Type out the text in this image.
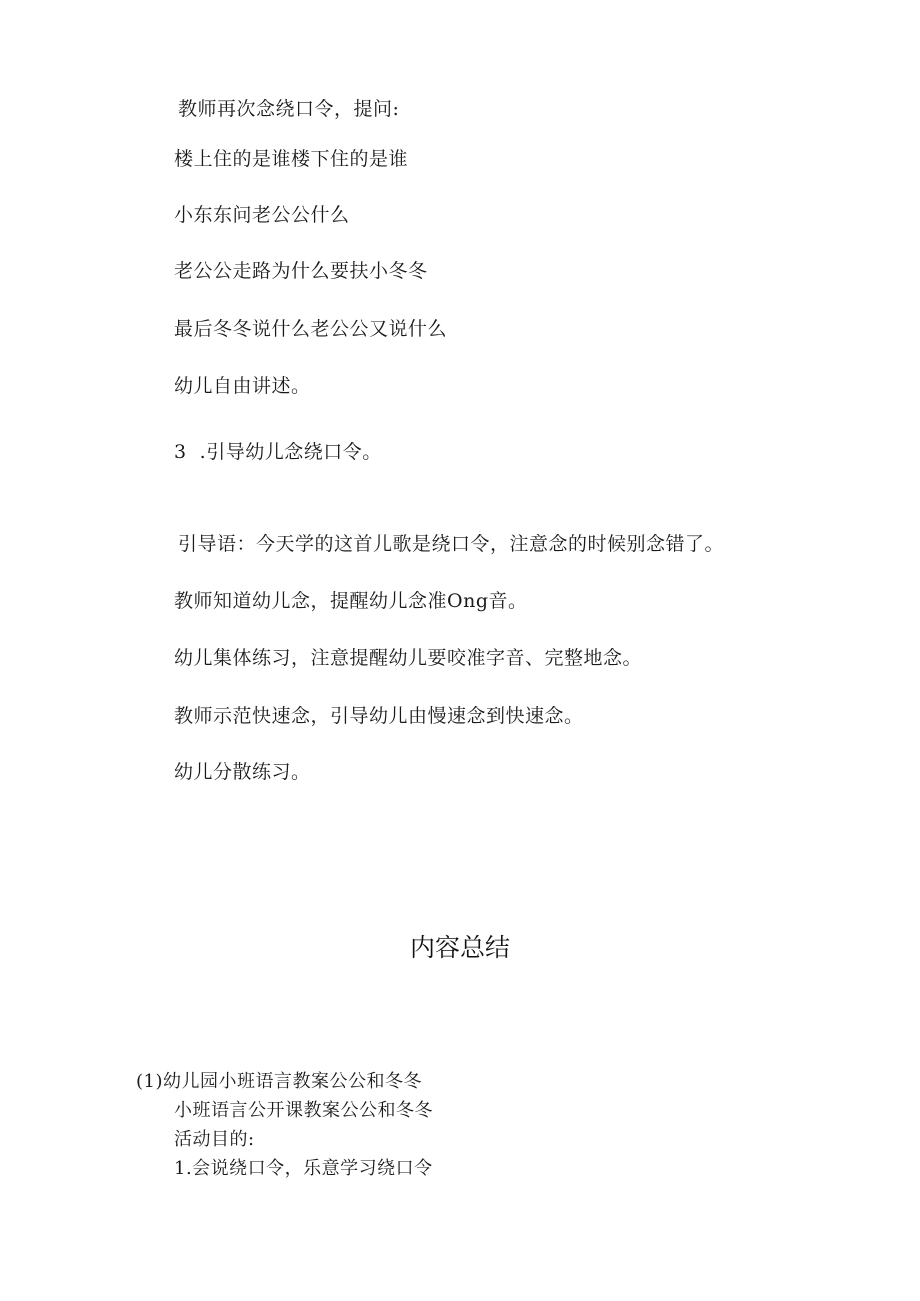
教师再次念绕口令，提问:
楼上住的是谁楼下住的是谁
小东东问老公公什么
老公公走路为什么要扶小冬冬
最后冬冬说什么老公公又说什么
幼儿自由讲述。
3  .引导幼儿念绕口令。
引导语：今天学的这首儿歌是绕口令，注意念的时候别念错了。
教师知道幼儿念，提醒幼儿念准Ong音。
幼儿集体练习，注意提醒幼儿要咬准字音、完整地念。
教师示范快速念，引导幼儿由慢速念到快速念。
幼儿分散练习。
内容总结
(1)幼儿园小班语言教案公公和冬冬
小班语言公开课教案公公和冬冬
活动目的:
1.会说绕口令，乐意学习绕口令
